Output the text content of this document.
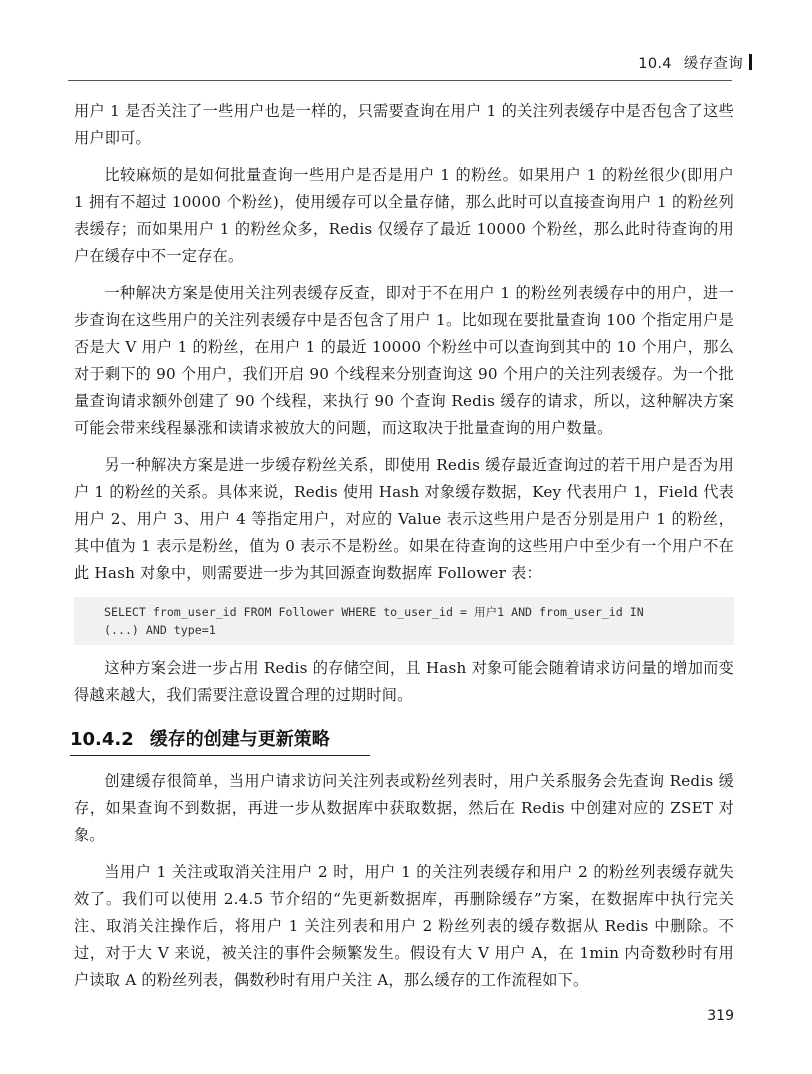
10.4 缓存查询

用户 1 是否关注了一些用户也是一样的，只需要查询在用户 1 的关注列表缓存中是否包含了这些用户即可。

比较麻烦的是如何批量查询一些用户是否是用户 1 的粉丝。如果用户 1 的粉丝很少(即用户 1 拥有不超过 10000 个粉丝)，使用缓存可以全量存储，那么此时可以直接查询用户 1 的粉丝列表缓存；而如果用户 1 的粉丝众多，Redis 仅缓存了最近 10000 个粉丝，那么此时待查询的用户在缓存中不一定存在。

一种解决方案是使用关注列表缓存反查，即对于不在用户 1 的粉丝列表缓存中的用户，进一步查询在这些用户的关注列表缓存中是否包含了用户 1。比如现在要批量查询 100 个指定用户是否是大 V 用户 1 的粉丝，在用户 1 的最近 10000 个粉丝中可以查询到其中的 10 个用户，那么对于剩下的 90 个用户，我们开启 90 个线程来分别查询这 90 个用户的关注列表缓存。为一个批量查询请求额外创建了 90 个线程，来执行 90 个查询 Redis 缓存的请求，所以，这种解决方案可能会带来线程暴涨和读请求被放大的问题，而这取决于批量查询的用户数量。

另一种解决方案是进一步缓存粉丝关系，即使用 Redis 缓存最近查询过的若干用户是否为用户 1 的粉丝的关系。具体来说，Redis 使用 Hash 对象缓存数据，Key 代表用户 1，Field 代表用户 2、用户 3、用户 4 等指定用户，对应的 Value 表示这些用户是否分别是用户 1 的粉丝，其中值为 1 表示是粉丝，值为 0 表示不是粉丝。如果在待查询的这些用户中至少有一个用户不在此 Hash 对象中，则需要进一步为其回源查询数据库 Follower 表：

SELECT from_user_id FROM Follower WHERE to_user_id = 用户1 AND from_user_id IN
(...) AND type=1

这种方案会进一步占用 Redis 的存储空间，且 Hash 对象可能会随着请求访问量的增加而变得越来越大，我们需要注意设置合理的过期时间。

10.4.2 缓存的创建与更新策略

创建缓存很简单，当用户请求访问关注列表或粉丝列表时，用户关系服务会先查询 Redis 缓存，如果查询不到数据，再进一步从数据库中获取数据，然后在 Redis 中创建对应的 ZSET 对象。

当用户 1 关注或取消关注用户 2 时，用户 1 的关注列表缓存和用户 2 的粉丝列表缓存就失效了。我们可以使用 2.4.5 节介绍的“先更新数据库，再删除缓存”方案，在数据库中执行完关注、取消关注操作后，将用户 1 关注列表和用户 2 粉丝列表的缓存数据从 Redis 中删除。不过，对于大 V 来说，被关注的事件会频繁发生。假设有大 V 用户 A，在 1min 内奇数秒时有用户读取 A 的粉丝列表，偶数秒时有用户关注 A，那么缓存的工作流程如下。

319
